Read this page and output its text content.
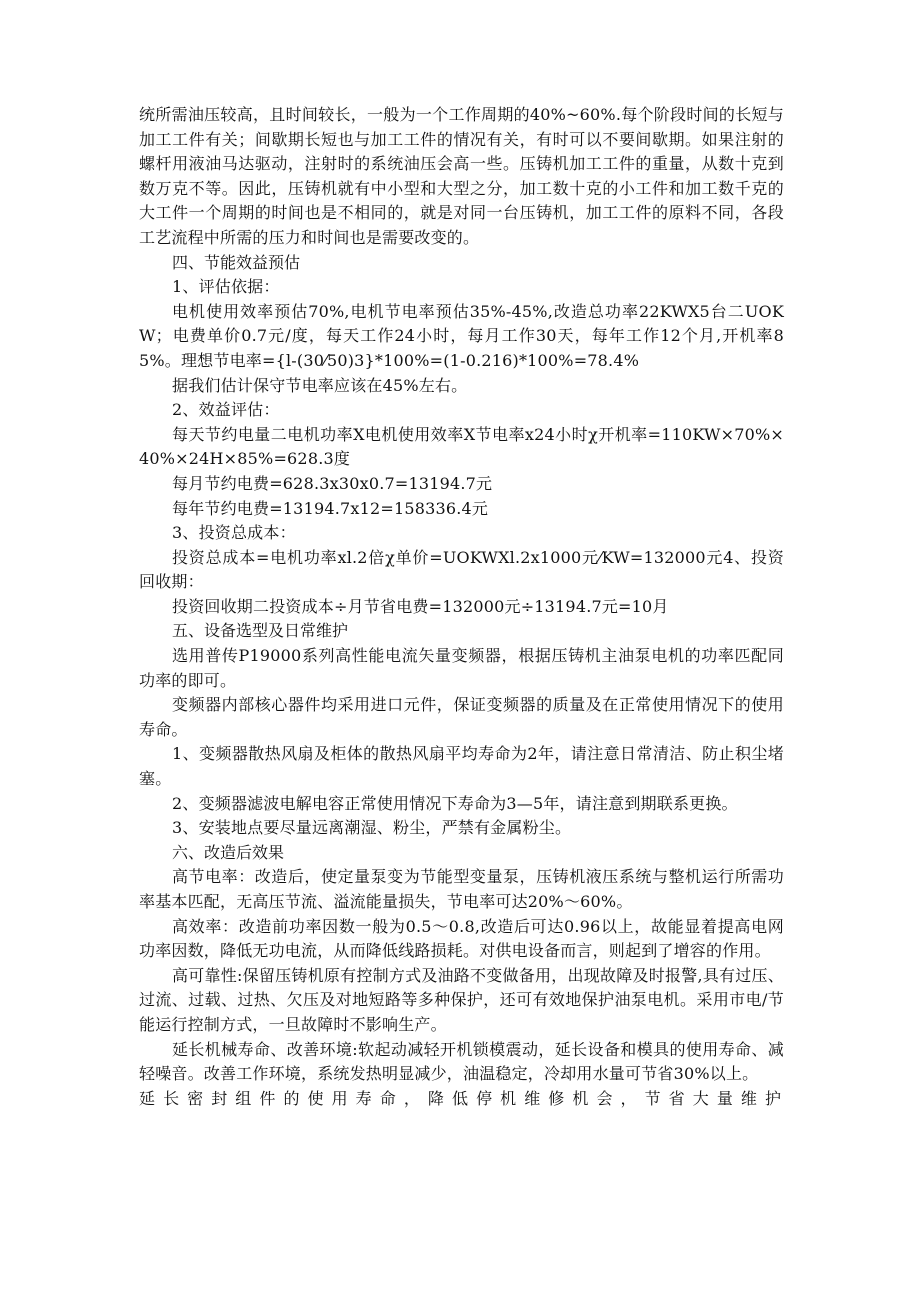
统所需油压较高，且时间较长，一般为一个工作周期的40%~60%.每个阶段时间的长短与加工工件有关；间歇期长短也与加工工件的情况有关，有时可以不要间歇期。如果注射的螺杆用液油马达驱动，注射时的系统油压会高一些。压铸机加工工件的重量，从数十克到数万克不等。因此，压铸机就有中小型和大型之分，加工数十克的小工件和加工数千克的大工件一个周期的时间也是不相同的，就是对同一台压铸机，加工工件的原料不同，各段工艺流程中所需的压力和时间也是需要改变的。

四、节能效益预估

1、评估依据：

电机使用效率预估70%,电机节电率预估35%-45%,改造总功率22KWX5台二UOKW；电费单价0.7元/度，每天工作24小时，每月工作30天，每年工作12个月,开机率85%。理想节电率={l-(30⁄50)3}*100%=(1-0.216)*100%=78.4%

据我们估计保守节电率应该在45%左右。

2、效益评估：

每天节约电量二电机功率X电机使用效率X节电率x24小时χ开机率=110KW×70%×40%×24H×85%=628.3度

每月节约电费=628.3x30x0.7=13194.7元

每年节约电费=13194.7x12=158336.4元

3、投资总成本：

投资总成本=电机功率xl.2倍χ单价=UOKWXl.2x1000元⁄KW=132000元4、投资回收期：

投资回收期二投资成本÷月节省电费=132000元÷13194.7元=10月

五、设备选型及日常维护

选用普传P19000系列高性能电流矢量变频器，根据压铸机主油泵电机的功率匹配同功率的即可。

变频器内部核心器件均采用进口元件，保证变频器的质量及在正常使用情况下的使用寿命。

1、变频器散热风扇及柜体的散热风扇平均寿命为2年，请注意日常清洁、防止积尘堵塞。

2、变频器滤波电解电容正常使用情况下寿命为3—5年，请注意到期联系更换。

3、安装地点要尽量远离潮湿、粉尘，严禁有金属粉尘。

六、改造后效果

高节电率：改造后，使定量泵变为节能型变量泵，压铸机液压系统与整机运行所需功率基本匹配，无高压节流、溢流能量损失，节电率可达20%～60%。

高效率：改造前功率因数一般为0.5～0.8,改造后可达0.96以上，故能显着提高电网功率因数，降低无功电流，从而降低线路损耗。对供电设备而言，则起到了增容的作用。

高可靠性:保留压铸机原有控制方式及油路不变做备用，出现故障及时报警,具有过压、过流、过载、过热、欠压及对地短路等多种保护，还可有效地保护油泵电机。采用市电/节能运行控制方式，一旦故障时不影响生产。

延长机械寿命、改善环境:软起动减轻开机锁模震动，延长设备和模具的使用寿命、减轻噪音。改善工作环境，系统发热明显减少，油温稳定，冷却用水量可节省30%以上。

延长密封组件的使用寿命，降低停机维修机会，节省大量维护
